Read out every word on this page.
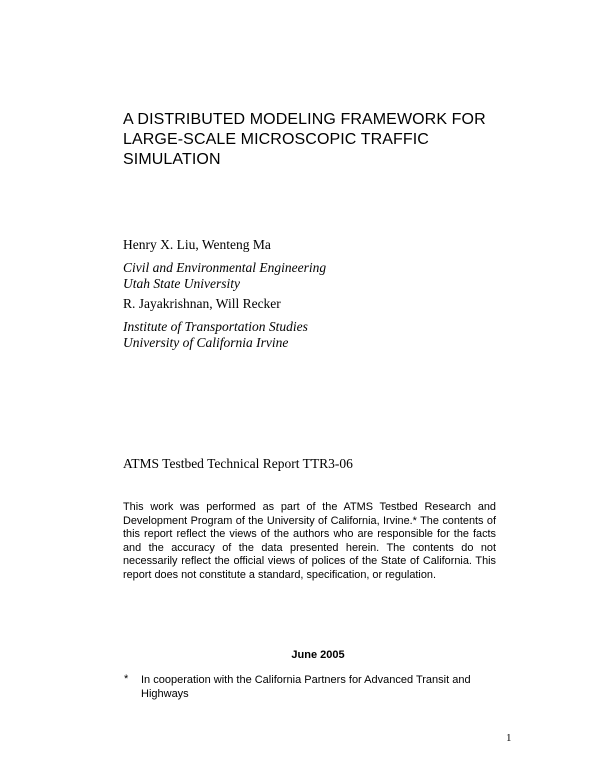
A DISTRIBUTED MODELING FRAMEWORK FOR
LARGE-SCALE MICROSCOPIC TRAFFIC
SIMULATION
Henry X. Liu, Wenteng Ma
Civil and Environmental Engineering
Utah State University
R. Jayakrishnan, Will Recker
Institute of Transportation Studies
University of California Irvine
ATMS Testbed Technical Report TTR3-06
This work was performed as part of the ATMS Testbed Research and Development Program of the University of California, Irvine.* The contents of this report reflect the views of the authors who are responsible for the facts and the accuracy of the data presented herein. The contents do not necessarily reflect the official views of polices of the State of California. This report does not constitute a standard, specification, or regulation.
June 2005
* In cooperation with the California Partners for Advanced Transit and Highways
1
